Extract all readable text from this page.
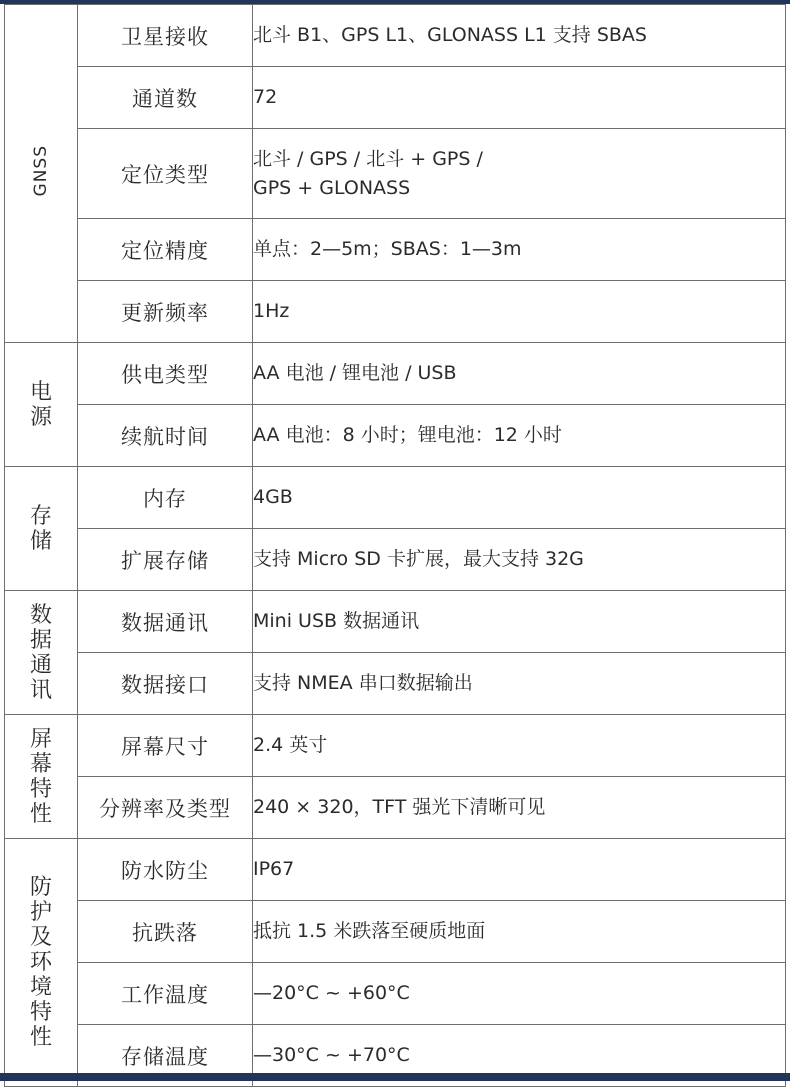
GNSS	卫星接收	北斗 B1、GPS L1、GLONASS L1 支持 SBAS
	通道数	72
	定位类型	北斗 / GPS / 北斗 + GPS /
GPS + GLONASS
	定位精度	单点：2—5m；SBAS：1—3m
	更新频率	1Hz
电源	供电类型	AA 电池 / 锂电池 / USB
	续航时间	AA 电池：8 小时；锂电池：12 小时
存储	内存	4GB
	扩展存储	支持 Micro SD 卡扩展，最大支持 32G
数据通讯	数据通讯	Mini USB 数据通讯
	数据接口	支持 NMEA 串口数据输出
屏幕特性	屏幕尺寸	2.4 英寸
	分辨率及类型	240 × 320，TFT 强光下清晰可见
防护及环境特性	防水防尘	IP67
	抗跌落	抵抗 1.5 米跌落至硬质地面
	工作温度	—20°C ~ +60°C
	存储温度	—30°C ~ +70°C
